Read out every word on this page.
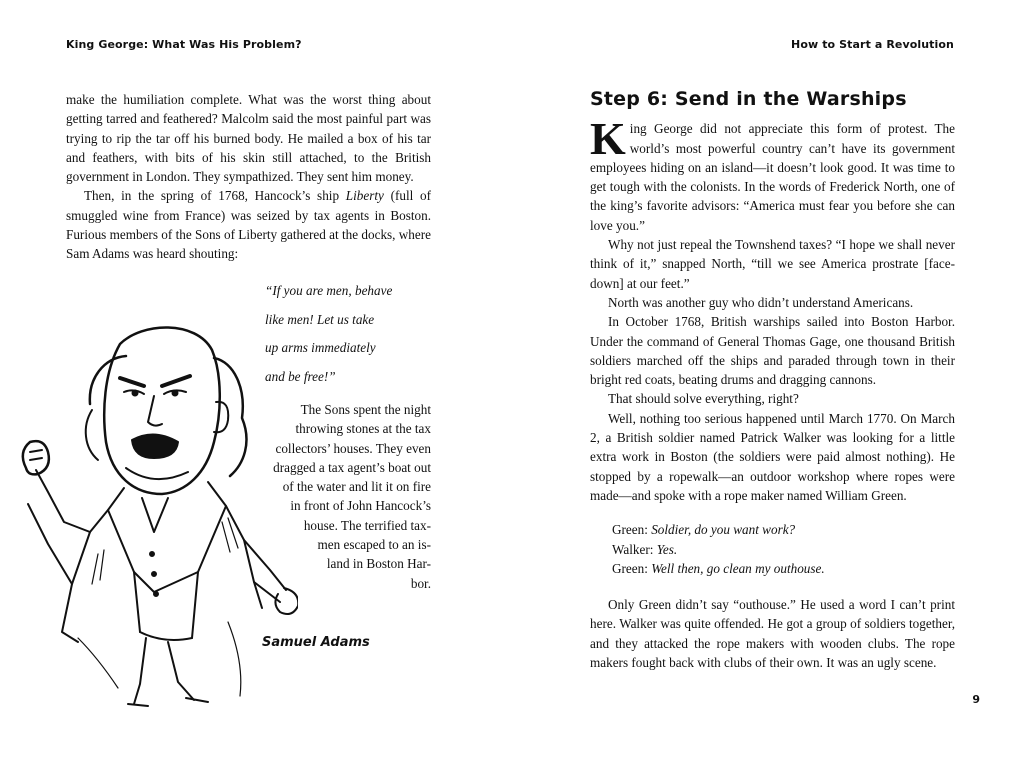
King George: What Was His Problem?	How to Start a Revolution

make the humiliation complete. What was the worst thing about getting tarred and feathered? Malcolm said the most painful part was trying to rip the tar off his burned body. He mailed a box of his tar and feathers, with bits of his skin still attached, to the British government in London. They sympathized. They sent him money.

Then, in the spring of 1768, Hancock’s ship Liberty (full of smuggled wine from France) was seized by tax agents in Boston. Furious members of the Sons of Liberty gathered at the docks, where Sam Adams was heard shouting:

“If you are men, behave

like men! Let us take

up arms immediately

and be free!”

The Sons spent the night
throwing stones at the tax
collectors’ houses. They even
dragged a tax agent’s boat out
of the water and lit it on fire
in front of John Hancock’s
house. The terrified tax-
men escaped to an is-
land in Boston Har-
bor.
Samuel Adams
Step 6: Send in the Warships

King George did not appreciate this form of protest. The world’s most powerful country can’t have its government employees hiding on an island—it doesn’t look good. It was time to get tough with the colonists. In the words of Frederick North, one of the king’s favorite advisors: “America must fear you before she can love you.”

Why not just repeal the Townshend taxes? “I hope we shall never think of it,” snapped North, “till we see America prostrate [face-down] at our feet.”

North was another guy who didn’t understand Americans.

In October 1768, British warships sailed into Boston Harbor. Under the command of General Thomas Gage, one thousand British soldiers marched off the ships and paraded through town in their bright red coats, beating drums and dragging cannons.

That should solve everything, right?

Well, nothing too serious happened until March 1770. On March 2, a British soldier named Patrick Walker was looking for a little extra work in Boston (the soldiers were paid almost nothing). He stopped by a ropewalk—an outdoor workshop where ropes were made—and spoke with a rope maker named William Green.

Green: Soldier, do you want work?
Walker: Yes.
Green: Well then, go clean my outhouse.

Only Green didn’t say “outhouse.” He used a word I can’t print here. Walker was quite offended. He got a group of soldiers together, and they attacked the rope makers with wooden clubs. The rope makers fought back with clubs of their own. It was an ugly scene.

9
